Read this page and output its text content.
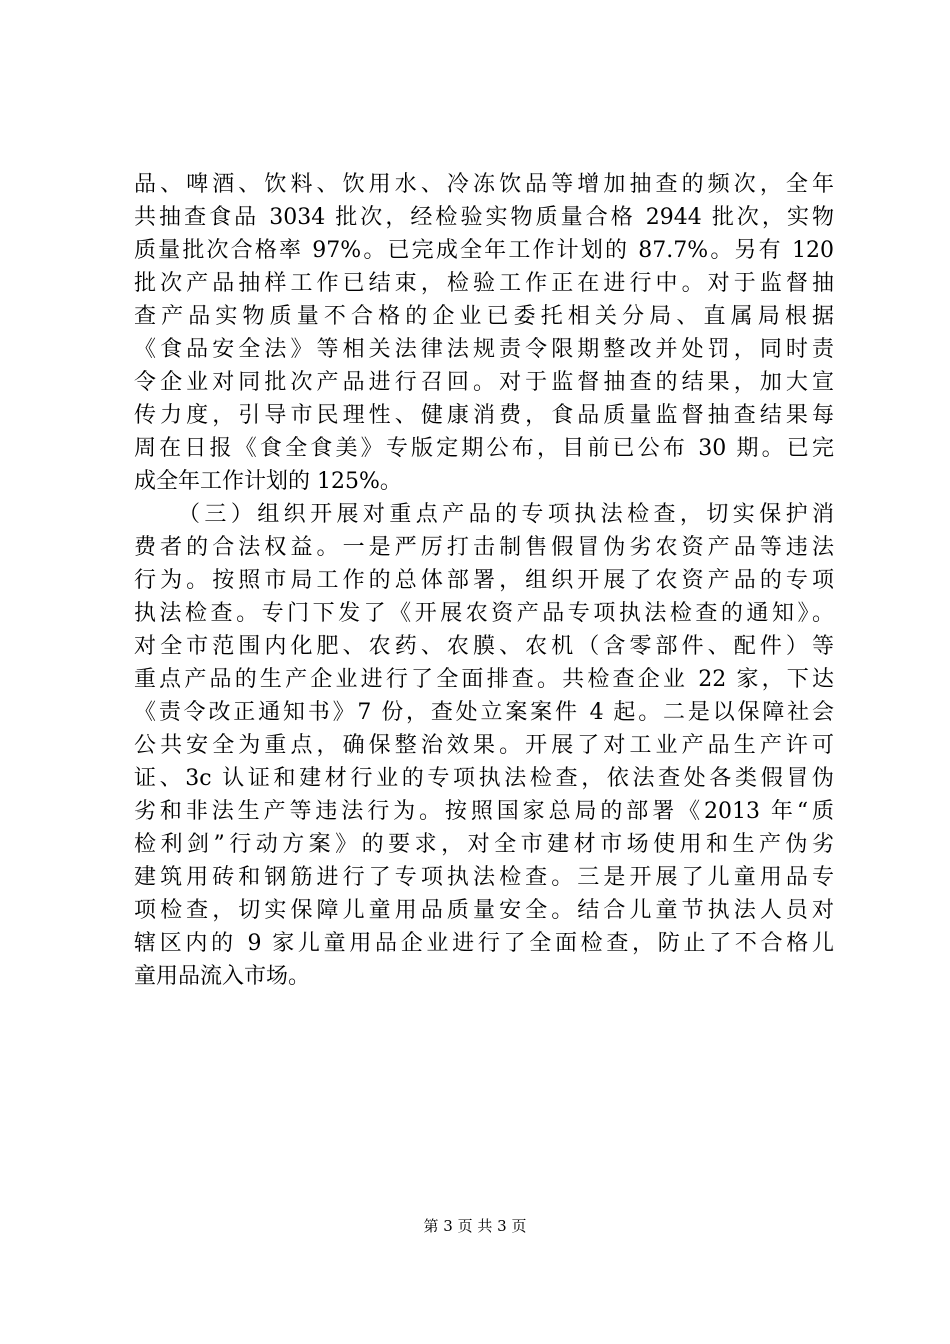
品、啤酒、饮料、饮用水、冷冻饮品等增加抽查的频次，全年
共抽查食品 3034 批次，经检验实物质量合格 2944 批次，实物
质量批次合格率 97%。已完成全年工作计划的 87.7%。另有 120
批次产品抽样工作已结束，检验工作正在进行中。对于监督抽
查产品实物质量不合格的企业已委托相关分局、直属局根据
《食品安全法》等相关法律法规责令限期整改并处罚，同时责
令企业对同批次产品进行召回。对于监督抽查的结果，加大宣
传力度，引导市民理性、健康消费，食品质量监督抽查结果每
周在日报《食全食美》专版定期公布，目前已公布 30 期。已完
成全年工作计划的 125%。
（三）组织开展对重点产品的专项执法检查，切实保护消
费者的合法权益。一是严厉打击制售假冒伪劣农资产品等违法
行为。按照市局工作的总体部署，组织开展了农资产品的专项
执法检查。专门下发了《开展农资产品专项执法检查的通知》。
对全市范围内化肥、农药、农膜、农机（含零部件、配件）等
重点产品的生产企业进行了全面排查。共检查企业 22 家，下达
《责令改正通知书》7 份，查处立案案件 4 起。二是以保障社会
公共安全为重点，确保整治效果。开展了对工业产品生产许可
证、3c 认证和建材行业的专项执法检查，依法查处各类假冒伪
劣和非法生产等违法行为。按照国家总局的部署《2013 年“质
检利剑”行动方案》的要求，对全市建材市场使用和生产伪劣
建筑用砖和钢筋进行了专项执法检查。三是开展了儿童用品专
项检查，切实保障儿童用品质量安全。结合儿童节执法人员对
辖区内的 9 家儿童用品企业进行了全面检查，防止了不合格儿
童用品流入市场。
第 3 页 共 3 页
